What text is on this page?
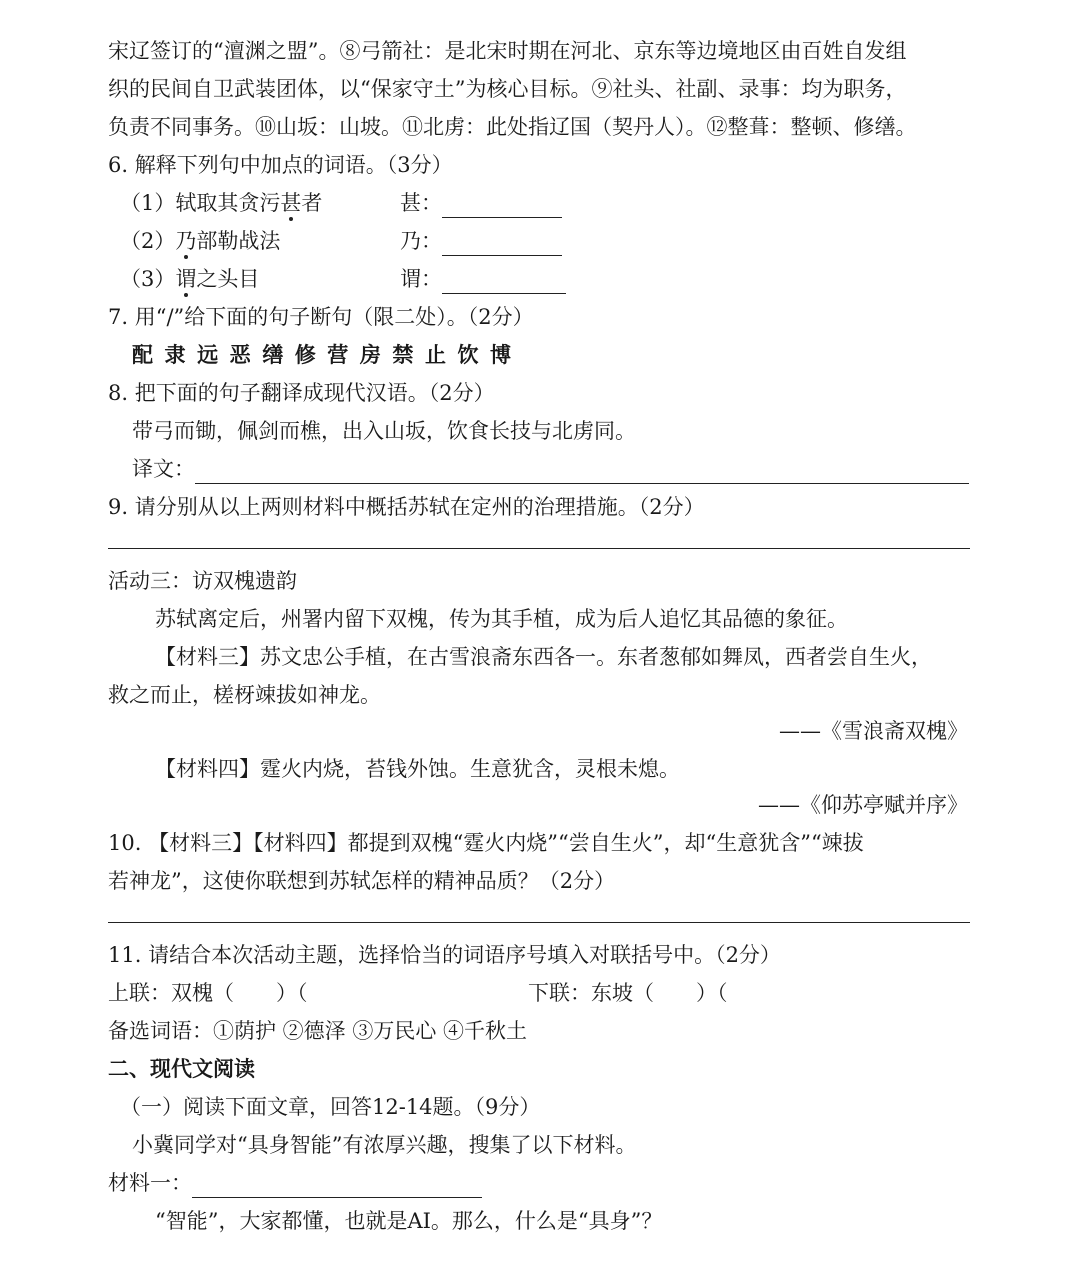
宋辽签订的“澶渊之盟”。⑧弓箭社：是北宋时期在河北、京东等边境地区由百姓自发组
织的民间自卫武装团体，以“保家守土”为核心目标。⑨社头、社副、录事：均为职务，
负责不同事务。⑩山坂：山坡。⑪北虏：此处指辽国（契丹人）。⑫整葺：整顿、修缮。
6. 解释下列句中加点的词语。（3分）
（1）轼取其贪污甚者	甚：
（2）乃部勒战法	乃：
（3）谓之头目	谓：
7. 用“/”给下面的句子断句（限二处）。（2分）
配隶远恶缮修营房禁止饮博
8. 把下面的句子翻译成现代汉语。（2分）
带弓而锄，佩剑而樵，出入山坂，饮食长技与北虏同。
译文：
9. 请分别从以上两则材料中概括苏轼在定州的治理措施。（2分）
活动三：访双槐遗韵
苏轼离定后，州署内留下双槐，传为其手植，成为后人追忆其品德的象征。
【材料三】苏文忠公手植，在古雪浪斋东西各一。东者葱郁如舞凤，西者尝自生火，
救之而止，槎枒竦拔如神龙。
——《雪浪斋双槐》
【材料四】霆火内烧，苔钱外蚀。生意犹含，灵根未熄。
——《仰苏亭赋并序》
10. 【材料三】【材料四】都提到双槐“霆火内烧”“尝自生火”，却“生意犹含”“竦拔
若神龙”，这使你联想到苏轼怎样的精神品质？（2分）
11. 请结合本次活动主题，选择恰当的词语序号填入对联括号中。（2分）
上联：双槐（　　）（	下联：东坡（　　）（
备选词语：①荫护 ②德泽 ③万民心 ④千秋土
二、现代文阅读
（一）阅读下面文章，回答12-14题。（9分）
小冀同学对“具身智能”有浓厚兴趣，搜集了以下材料。
材料一：
“智能”，大家都懂，也就是AI。那么，什么是“具身”？
